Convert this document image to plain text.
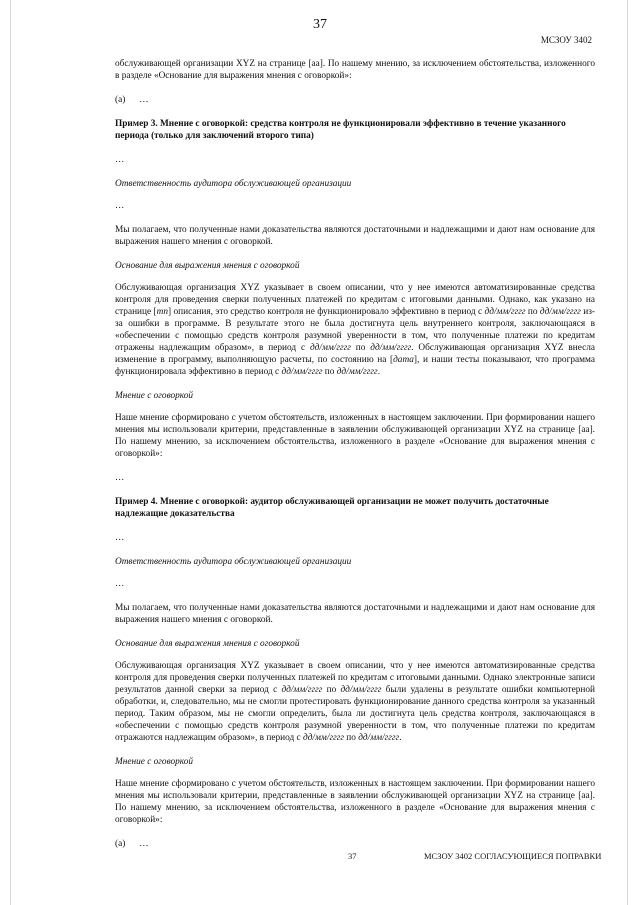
37
МСЗОУ 3402

обслуживающей организации XYZ на странице [аа]. По нашему мнению, за исключением обстоятельства, изложенного в разделе «Основание для выражения мнения с оговоркой»:

(a) …

Пример 3. Мнение с оговоркой: средства контроля не функционировали эффективно в течение указанного периода (только для заключений второго типа)
…
Ответственность аудитора обслуживающей организации
…

Мы полагаем, что полученные нами доказательства являются достаточными и надлежащими и дают нам основание для выражения нашего мнения с оговоркой.

Основание для выражения мнения с оговоркой

Обслуживающая организация XYZ указывает в своем описании, что у нее имеются автоматизированные средства контроля для проведения сверки полученных платежей по кредитам с итоговыми данными. Однако, как указано на странице [mn] описания, это средство контроля не функционировало эффективно в период с дд/мм/гггг по дд/мм/гггг из-за ошибки в программе. В результате этого не была достигнута цель внутреннего контроля, заключающаяся в «обеспечении с помощью средств контроля разумной уверенности в том, что полученные платежи по кредитам отражены надлежащим образом», в период с дд/мм/гггг по дд/мм/гггг. Обслуживающая организация XYZ внесла изменение в программу, выполняющую расчеты, по состоянию на [дата], и наши тесты показывают, что программа функционировала эффективно в период с дд/мм/гггг по дд/мм/гггг.

Мнение с оговоркой

Наше мнение сформировано с учетом обстоятельств, изложенных в настоящем заключении. При формировании нашего мнения мы использовали критерии, представленные в заявлении обслуживающей организации XYZ на странице [аа]. По нашему мнению, за исключением обстоятельства, изложенного в разделе «Основание для выражения мнения с оговоркой»:

…
Пример 4. Мнение с оговоркой: аудитор обслуживающей организации не может получить достаточные надлежащие доказательства
…
Ответственность аудитора обслуживающей организации
…

Мы полагаем, что полученные нами доказательства являются достаточными и надлежащими и дают нам основание для выражения нашего мнения с оговоркой.

Основание для выражения мнения с оговоркой

Обслуживающая организация XYZ указывает в своем описании, что у нее имеются автоматизированные средства контроля для проведения сверки полученных платежей по кредитам с итоговыми данными. Однако электронные записи результатов данной сверки за период с дд/мм/гггг по дд/мм/гггг были удалены в результате ошибки компьютерной обработки, и, следовательно, мы не смогли протестировать функционирование данного средства контроля за указанный период. Таким образом, мы не смогли определить, была ли достигнута цель средства контроля, заключающаяся в «обеспечении с помощью средств контроля разумной уверенности в том, что полученные платежи по кредитам отражаются надлежащим образом», в период с дд/мм/гггг по дд/мм/гггг.

Мнение с оговоркой

Наше мнение сформировано с учетом обстоятельств, изложенных в настоящем заключении. При формировании нашего мнения мы использовали критерии, представленные в заявлении обслуживающей организации XYZ на странице [аа]. По нашему мнению, за исключением обстоятельства, изложенного в разделе «Основание для выражения мнения с оговоркой»:

(a) …

37	МСЗОУ 3402 СОГЛАСУЮЩИЕСЯ ПОПРАВКИ
